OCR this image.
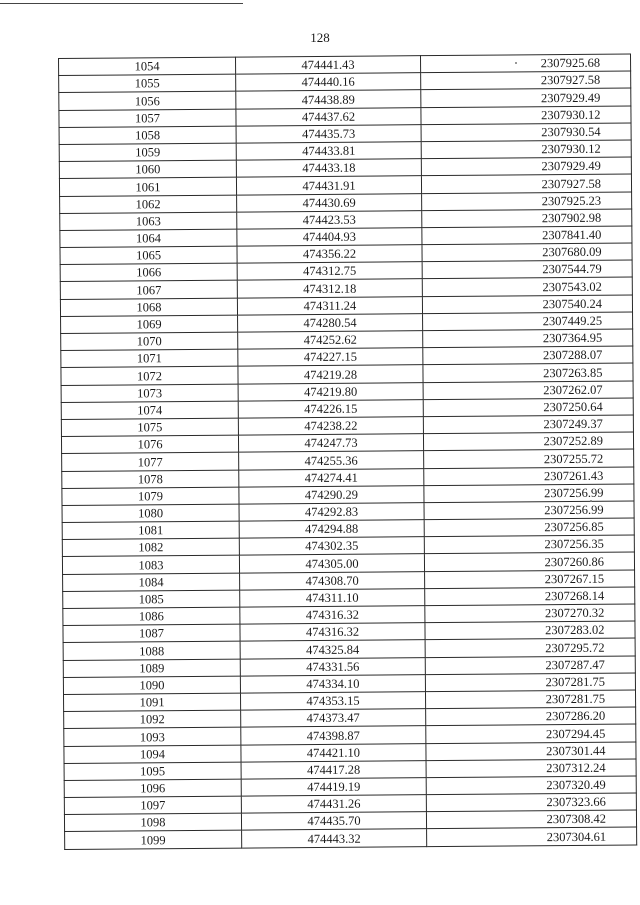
128
1054	474441.43	2307925.68
1055	474440.16	2307927.58
1056	474438.89	2307929.49
1057	474437.62	2307930.12
1058	474435.73	2307930.54
1059	474433.81	2307930.12
1060	474433.18	2307929.49
1061	474431.91	2307927.58
1062	474430.69	2307925.23
1063	474423.53	2307902.98
1064	474404.93	2307841.40
1065	474356.22	2307680.09
1066	474312.75	2307544.79
1067	474312.18	2307543.02
1068	474311.24	2307540.24
1069	474280.54	2307449.25
1070	474252.62	2307364.95
1071	474227.15	2307288.07
1072	474219.28	2307263.85
1073	474219.80	2307262.07
1074	474226.15	2307250.64
1075	474238.22	2307249.37
1076	474247.73	2307252.89
1077	474255.36	2307255.72
1078	474274.41	2307261.43
1079	474290.29	2307256.99
1080	474292.83	2307256.99
1081	474294.88	2307256.85
1082	474302.35	2307256.35
1083	474305.00	2307260.86
1084	474308.70	2307267.15
1085	474311.10	2307268.14
1086	474316.32	2307270.32
1087	474316.32	2307283.02
1088	474325.84	2307295.72
1089	474331.56	2307287.47
1090	474334.10	2307281.75
1091	474353.15	2307281.75
1092	474373.47	2307286.20
1093	474398.87	2307294.45
1094	474421.10	2307301.44
1095	474417.28	2307312.24
1096	474419.19	2307320.49
1097	474431.26	2307323.66
1098	474435.70	2307308.42
1099	474443.32	2307304.61
